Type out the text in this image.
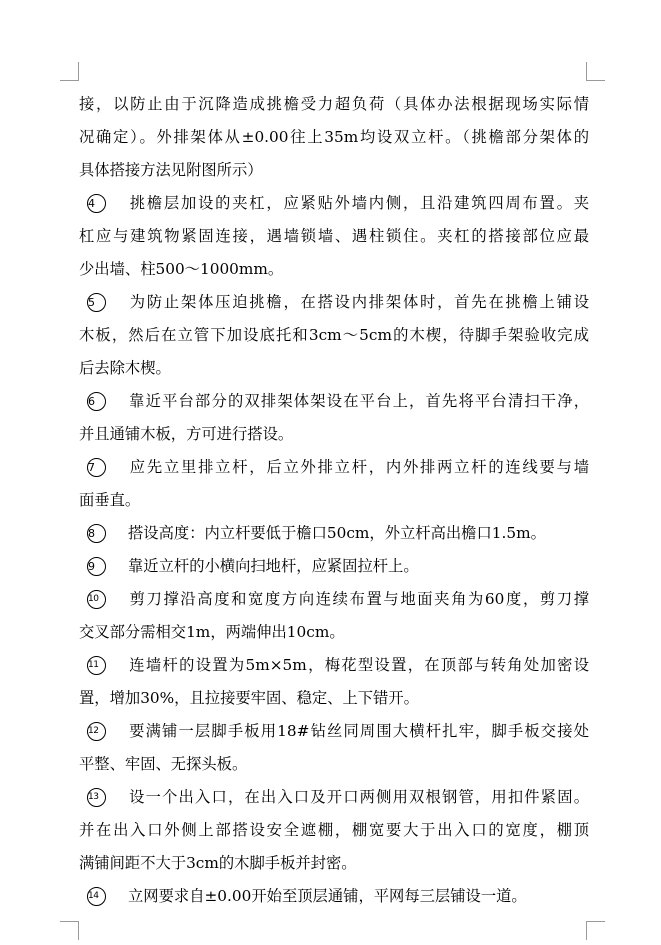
接，以防止由于沉降造成挑檐受力超负荷（具体办法根据现场实际情
况确定）。外排架体从±0.00往上35m均设双立杆。（挑檐部分架体的
具体搭接方法见附图所示）
4 挑檐层加设的夹杠，应紧贴外墙内侧，且沿建筑四周布置。夹
杠应与建筑物紧固连接，遇墙锁墙、遇柱锁住。夹杠的搭接部位应最
少出墙、柱500～1000mm。
5 为防止架体压迫挑檐，在搭设内排架体时，首先在挑檐上铺设
木板，然后在立管下加设底托和3cm～5cm的木楔，待脚手架验收完成
后去除木楔。
6 靠近平台部分的双排架体架设在平台上，首先将平台清扫干净，
并且通铺木板，方可进行搭设。
7 应先立里排立杆，后立外排立杆，内外排两立杆的连线要与墙
面垂直。
8 搭设高度：内立杆要低于檐口50cm，外立杆高出檐口1.5m。
9 靠近立杆的小横向扫地杆，应紧固拉杆上。
10 剪刀撑沿高度和宽度方向连续布置与地面夹角为60度，剪刀撑
交叉部分需相交1m，两端伸出10cm。
11 连墙杆的设置为5m×5m，梅花型设置，在顶部与转角处加密设
置，增加30%，且拉接要牢固、稳定、上下错开。
12 要满铺一层脚手板用18#钻丝同周围大横杆扎牢，脚手板交接处
平整、牢固、无探头板。
13 设一个出入口，在出入口及开口两侧用双根钢管，用扣件紧固。
并在出入口外侧上部搭设安全遮棚，棚宽要大于出入口的宽度，棚顶
满铺间距不大于3cm的木脚手板并封密。
14 立网要求自±0.00开始至顶层通铺，平网每三层铺设一道。
